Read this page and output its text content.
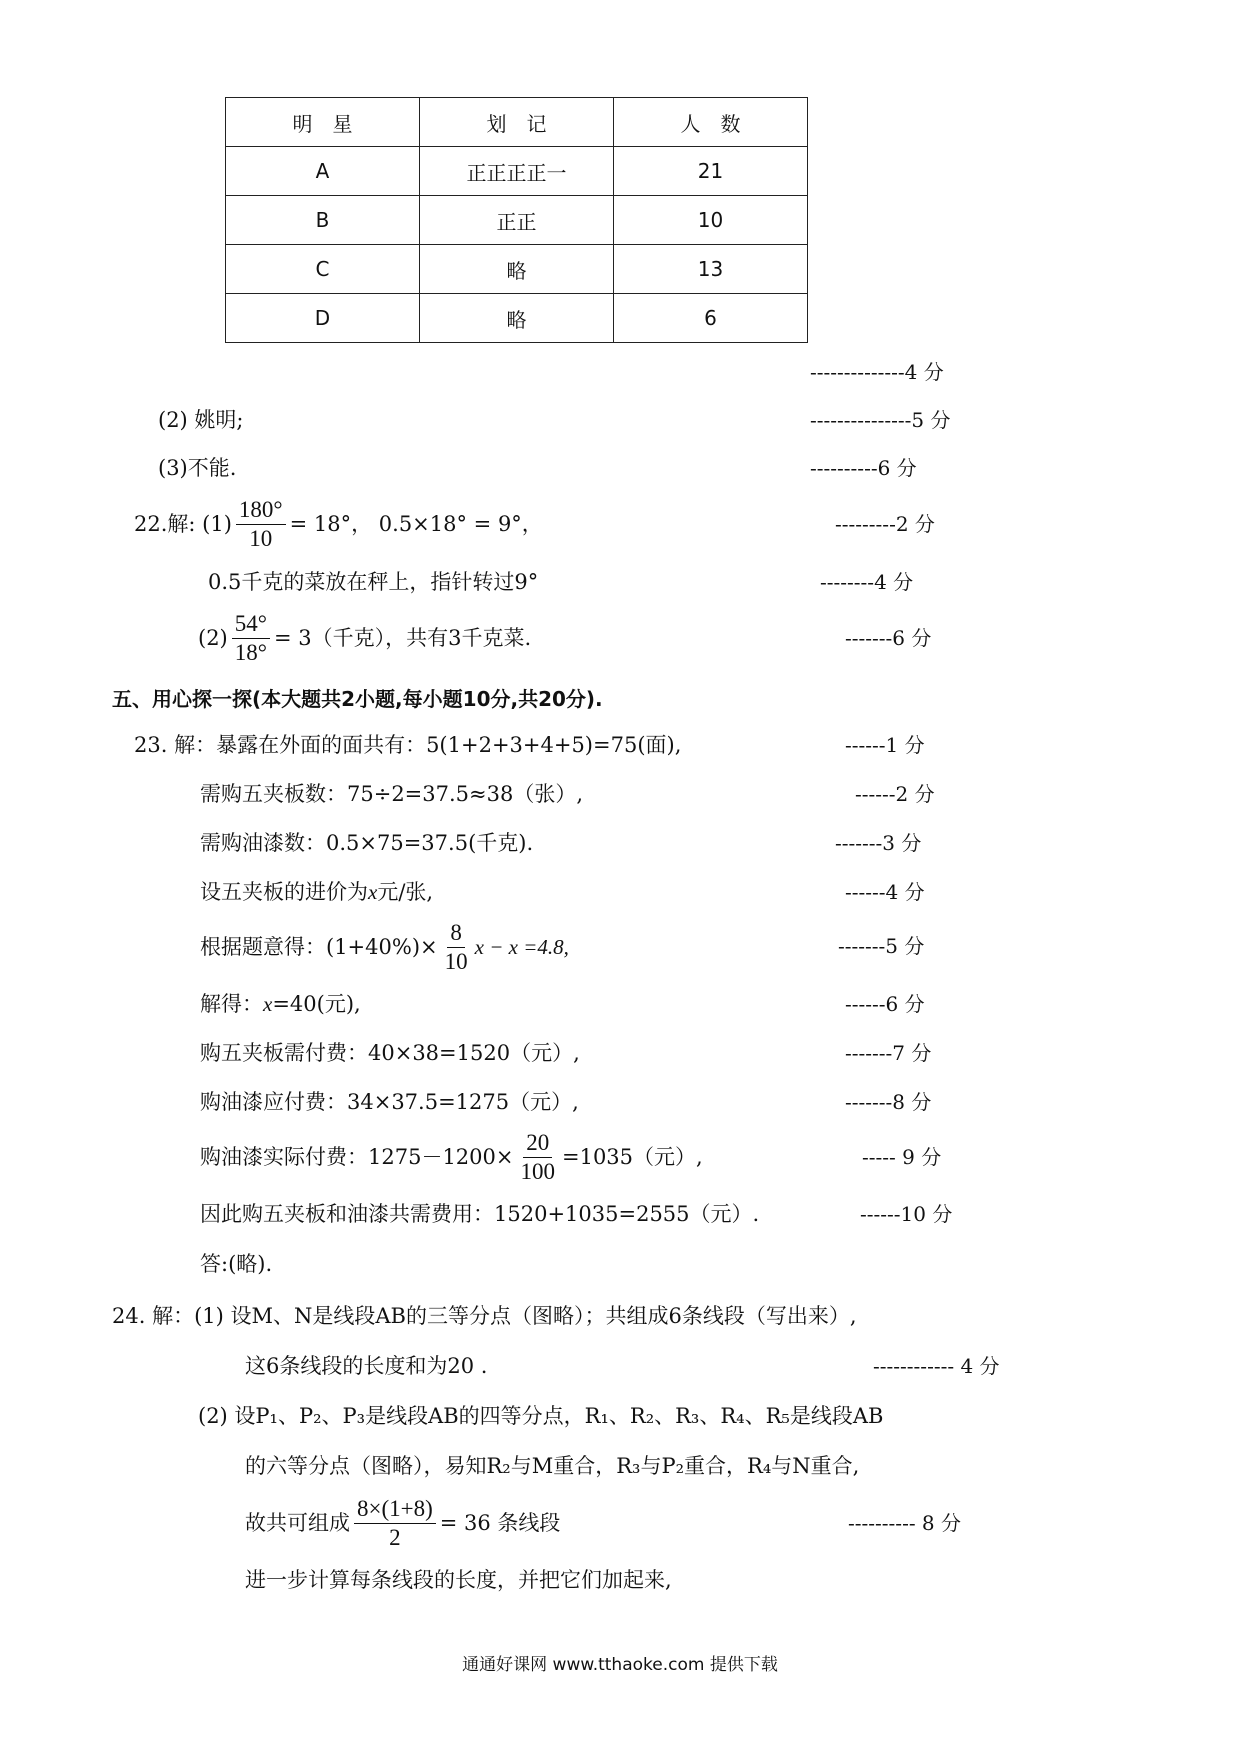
明　星	划　记	人　数
A	正正正正一	21
B	正正	10
C	略	13
D	略	6
--------------4 分
(2) 姚明;	---------------5 分
(3)不能.	----------6 分
22.解: $(1) \frac{180^\circ}{10} = 18^\circ$， 0.5×18° = 9°，	---------2 分
0.5千克的菜放在秤上，指针转过9°	--------4 分
$(2) \frac{54^\circ}{18^\circ} = 3$（千克），共有3千克菜.	-------6 分
五、用心探一探(本大题共2小题,每小题10分,共20分).
23. 解：暴露在外面的面共有：5(1+2+3+4+5)=75(面),	------1 分
需购五夹板数：75÷2=37.5≈38（张）,	------2 分
需购油漆数：0.5×75=37.5(千克).	-------3 分
设五夹板的进价为x元/张,	------4 分
根据题意得：$(1+40\%)\times \frac{8}{10}$ x − x =4.8,	-------5 分
解得：x=40(元),	------6 分
购五夹板需付费：40×38=1520（元）,	-------7 分
购油漆应付费：34×37.5=1275（元）,	-------8 分
购油漆实际付费：$1275-1200\times \frac{20}{100} =1035$（元）,	----- 9 分
因此购五夹板和油漆共需费用：1520+1035=2555（元）.	------10 分
答:(略).
24. 解：(1) 设M、N是线段AB的三等分点（图略）；共组成6条线段（写出来）,
这6条线段的长度和为20 .	------------ 4 分
(2) 设P₁、P₂、P₃是线段AB的四等分点，R₁、R₂、R₃、R₄、R₅是线段AB
的六等分点（图略），易知R₂与M重合，R₃与P₂重合，R₄与N重合,
故共可组成 $\frac{8\times(1+8)}{2} = 36$ 条线段	---------- 8 分
进一步计算每条线段的长度，并把它们加起来,
通通好课网 www.tthaoke.com 提供下载
